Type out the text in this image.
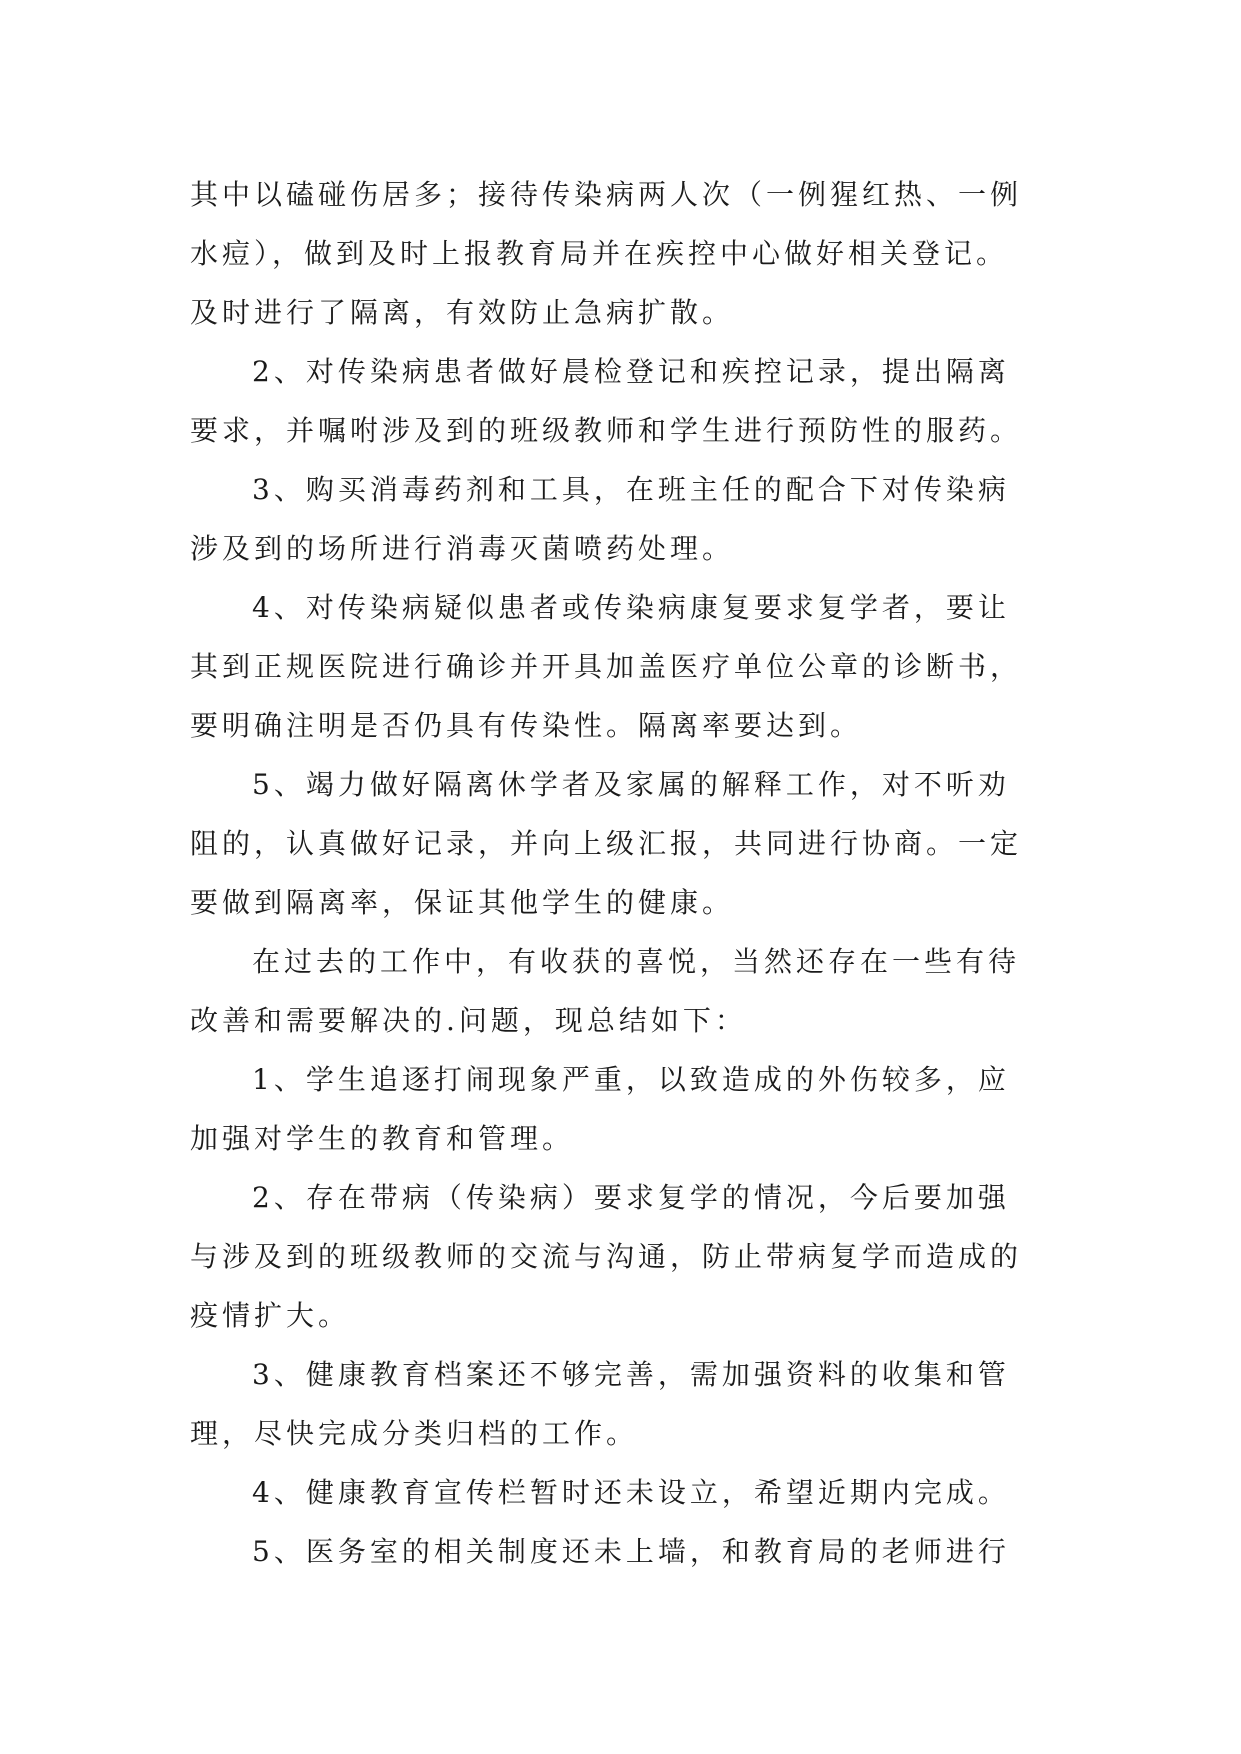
其中以磕碰伤居多；接待传染病两人次（一例猩红热、一例
水痘），做到及时上报教育局并在疾控中心做好相关登记。
及时进行了隔离，有效防止急病扩散。
2、对传染病患者做好晨检登记和疾控记录，提出隔离
要求，并嘱咐涉及到的班级教师和学生进行预防性的服药。
3、购买消毒药剂和工具，在班主任的配合下对传染病
涉及到的场所进行消毒灭菌喷药处理。
4、对传染病疑似患者或传染病康复要求复学者，要让
其到正规医院进行确诊并开具加盖医疗单位公章的诊断书，
要明确注明是否仍具有传染性。隔离率要达到。
5、竭力做好隔离休学者及家属的解释工作，对不听劝
阻的，认真做好记录，并向上级汇报，共同进行协商。一定
要做到隔离率，保证其他学生的健康。
在过去的工作中，有收获的喜悦，当然还存在一些有待
改善和需要解决的.问题，现总结如下：
1、学生追逐打闹现象严重，以致造成的外伤较多，应
加强对学生的教育和管理。
2、存在带病（传染病）要求复学的情况，今后要加强
与涉及到的班级教师的交流与沟通，防止带病复学而造成的
疫情扩大。
3、健康教育档案还不够完善，需加强资料的收集和管
理，尽快完成分类归档的工作。
4、健康教育宣传栏暂时还未设立，希望近期内完成。
5、医务室的相关制度还未上墙，和教育局的老师进行
